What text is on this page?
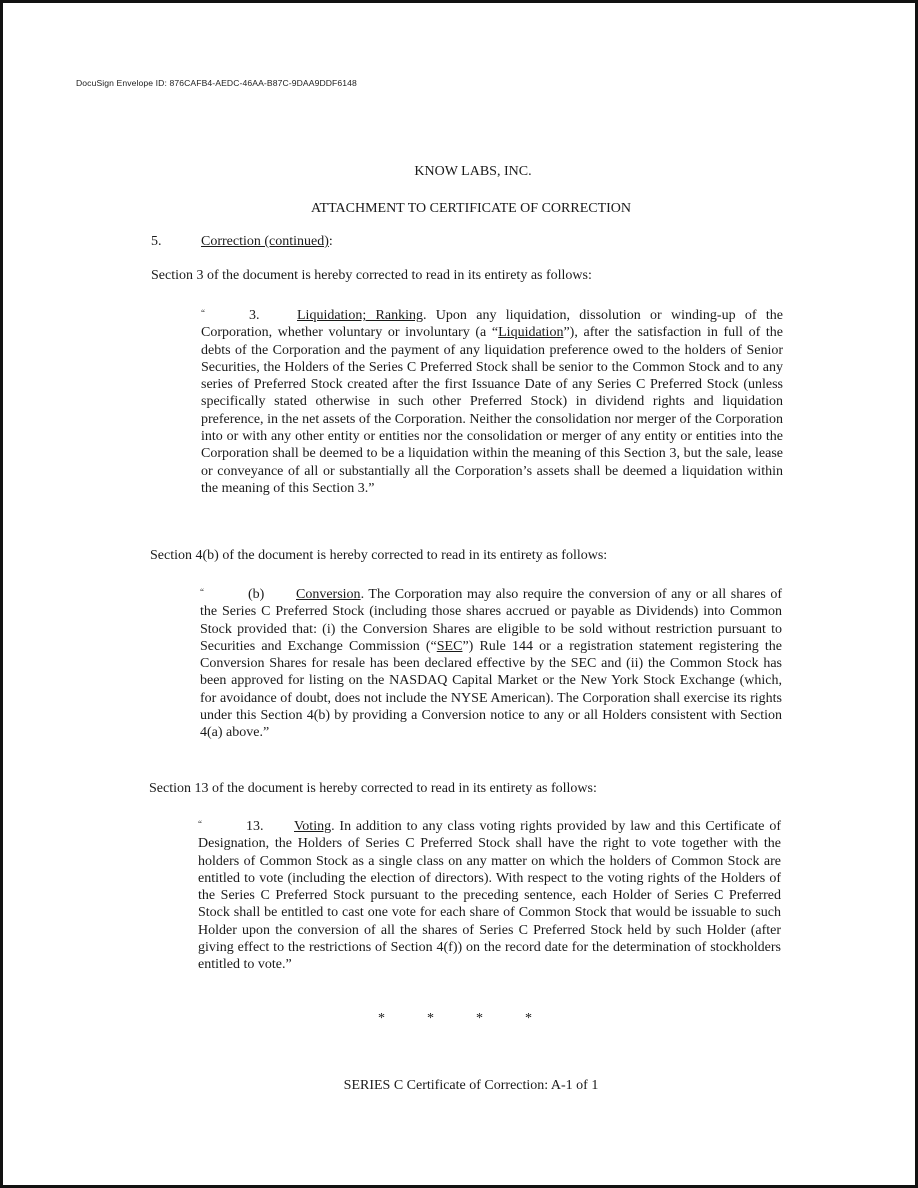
DocuSign Envelope ID: 876CAFB4-AEDC-46AA-B87C-9DAA9DDF6148
KNOW LABS, INC.
ATTACHMENT TO CERTIFICATE OF CORRECTION
5.	Correction (continued):
Section 3 of the document is hereby corrected to read in its entirety as follows:
“	3.	Liquidation; Ranking. Upon any liquidation, dissolution or winding-up of the Corporation, whether voluntary or involuntary (a “Liquidation”), after the satisfaction in full of the debts of the Corporation and the payment of any liquidation preference owed to the holders of Senior Securities, the Holders of the Series C Preferred Stock shall be senior to the Common Stock and to any series of Preferred Stock created after the first Issuance Date of any Series C Preferred Stock (unless specifically stated otherwise in such other Preferred Stock) in dividend rights and liquidation preference, in the net assets of the Corporation. Neither the consolidation nor merger of the Corporation into or with any other entity or entities nor the consolidation or merger of any entity or entities into the Corporation shall be deemed to be a liquidation within the meaning of this Section 3, but the sale, lease or conveyance of all or substantially all the Corporation’s assets shall be deemed a liquidation within the meaning of this Section 3.”
Section 4(b) of the document is hereby corrected to read in its entirety as follows:
“	(b) Conversion. The Corporation may also require the conversion of any or all shares of the Series C Preferred Stock (including those shares accrued or payable as Dividends) into Common Stock provided that: (i) the Conversion Shares are eligible to be sold without restriction pursuant to Securities and Exchange Commission (“SEC”) Rule 144 or a registration statement registering the Conversion Shares for resale has been declared effective by the SEC and (ii) the Common Stock has been approved for listing on the NASDAQ Capital Market or the New York Stock Exchange (which, for avoidance of doubt, does not include the NYSE American). The Corporation shall exercise its rights under this Section 4(b) by providing a Conversion notice to any or all Holders consistent with Section 4(a) above.”
Section 13 of the document is hereby corrected to read in its entirety as follows:
“	13. Voting. In addition to any class voting rights provided by law and this Certificate of Designation, the Holders of Series C Preferred Stock shall have the right to vote together with the holders of Common Stock as a single class on any matter on which the holders of Common Stock are entitled to vote (including the election of directors). With respect to the voting rights of the Holders of the Series C Preferred Stock pursuant to the preceding sentence, each Holder of Series C Preferred Stock shall be entitled to cast one vote for each share of Common Stock that would be issuable to such Holder upon the conversion of all the shares of Series C Preferred Stock held by such Holder (after giving effect to the restrictions of Section 4(f)) on the record date for the determination of stockholders entitled to vote.”
*	*	*	*
SERIES C Certificate of Correction: A-1 of 1
